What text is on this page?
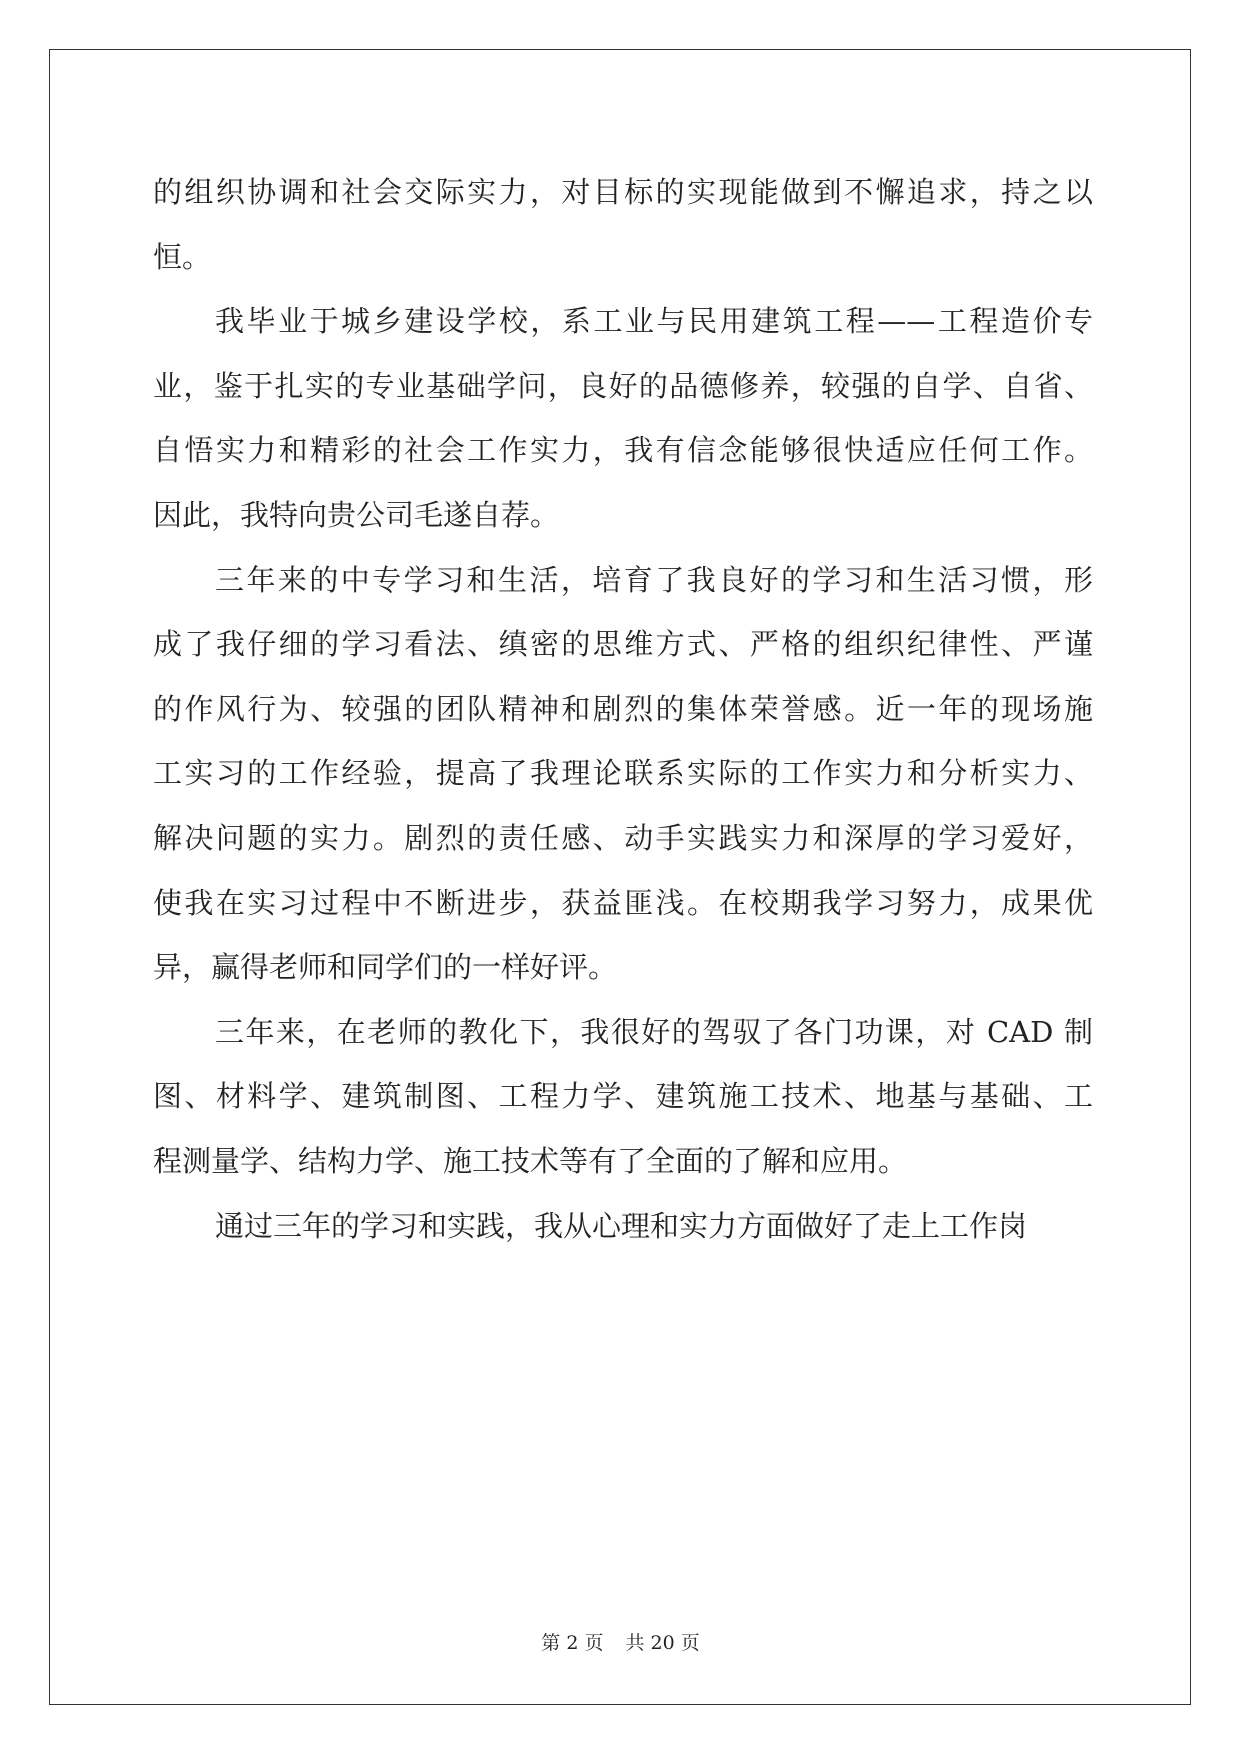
的组织协调和社会交际实力，对目标的实现能做到不懈追求，持之以
恒。
我毕业于城乡建设学校，系工业与民用建筑工程——工程造价专
业，鉴于扎实的专业基础学问，良好的品德修养，较强的自学、自省、
自悟实力和精彩的社会工作实力，我有信念能够很快适应任何工作。
因此，我特向贵公司毛遂自荐。
三年来的中专学习和生活，培育了我良好的学习和生活习惯，形
成了我仔细的学习看法、缜密的思维方式、严格的组织纪律性、严谨
的作风行为、较强的团队精神和剧烈的集体荣誉感。近一年的现场施
工实习的工作经验，提高了我理论联系实际的工作实力和分析实力、
解决问题的实力。剧烈的责任感、动手实践实力和深厚的学习爱好，
使我在实习过程中不断进步，获益匪浅。在校期我学习努力，成果优
异，赢得老师和同学们的一样好评。
三年来，在老师的教化下，我很好的驾驭了各门功课，对 CAD 制
图、材料学、建筑制图、工程力学、建筑施工技术、地基与基础、工
程测量学、结构力学、施工技术等有了全面的了解和应用。
通过三年的学习和实践，我从心理和实力方面做好了走上工作岗
第 2 页 共 20 页
